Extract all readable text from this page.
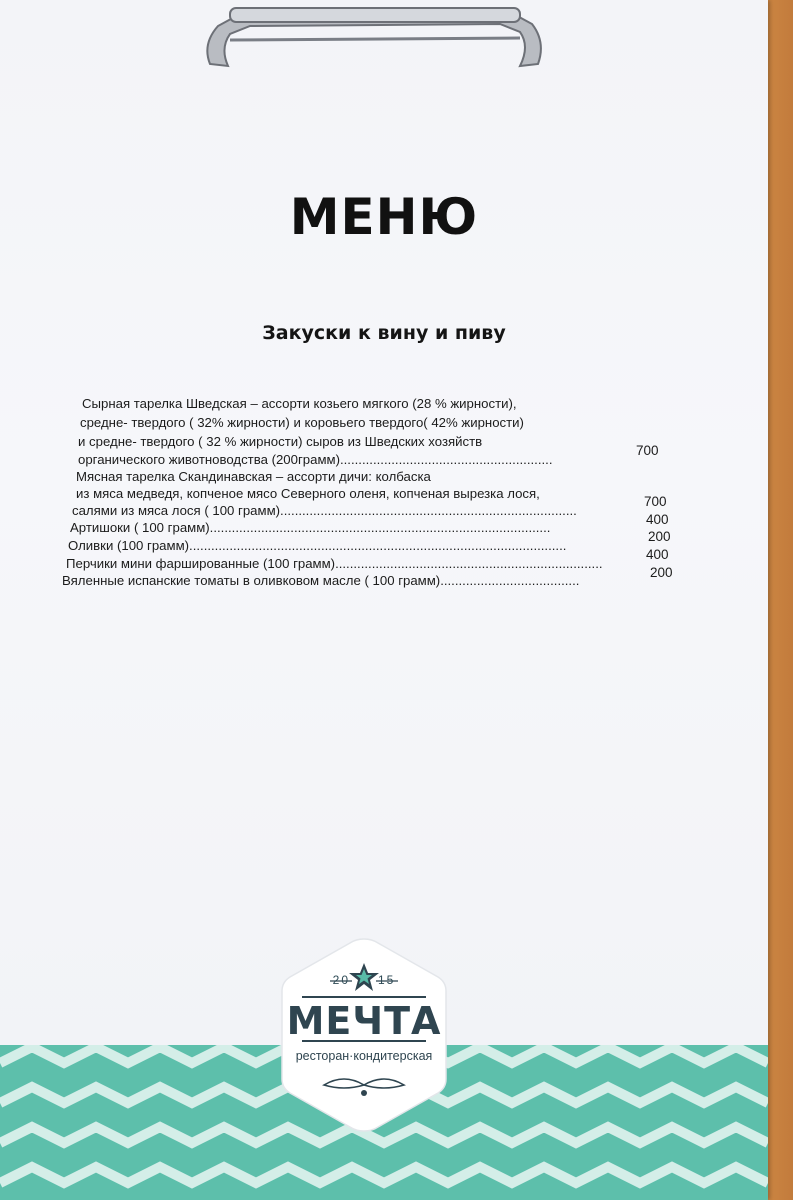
МЕНЮ
Закуски к вину и пиву
Сырная тарелка Шведская – ассорти козьего мягкого (28 % жирности),
средне- твердого ( 32% жирности) и коровьего твердого( 42% жирности)
и средне- твердого ( 32 % жирности) сыров из Шведских хозяйств
органического животноводства (200грамм)..........................................................
700
Мясная тарелка Скандинавская – ассорти дичи: колбаска
из мяса медведя, копченое мясо Северного оленя, копченая вырезка лося,
салями из мяса лося ( 100 грамм).................................................................................
700
Артишоки ( 100 грамм).............................................................................................
400
Оливки (100 грамм).......................................................................................................
200
Перчики мини фаршированные (100 грамм).........................................................................
400
Вяленные испанские томаты в оливковом масле ( 100 грамм)......................................
200
20 15
МЕЧТА
ресторан·кондитерская
